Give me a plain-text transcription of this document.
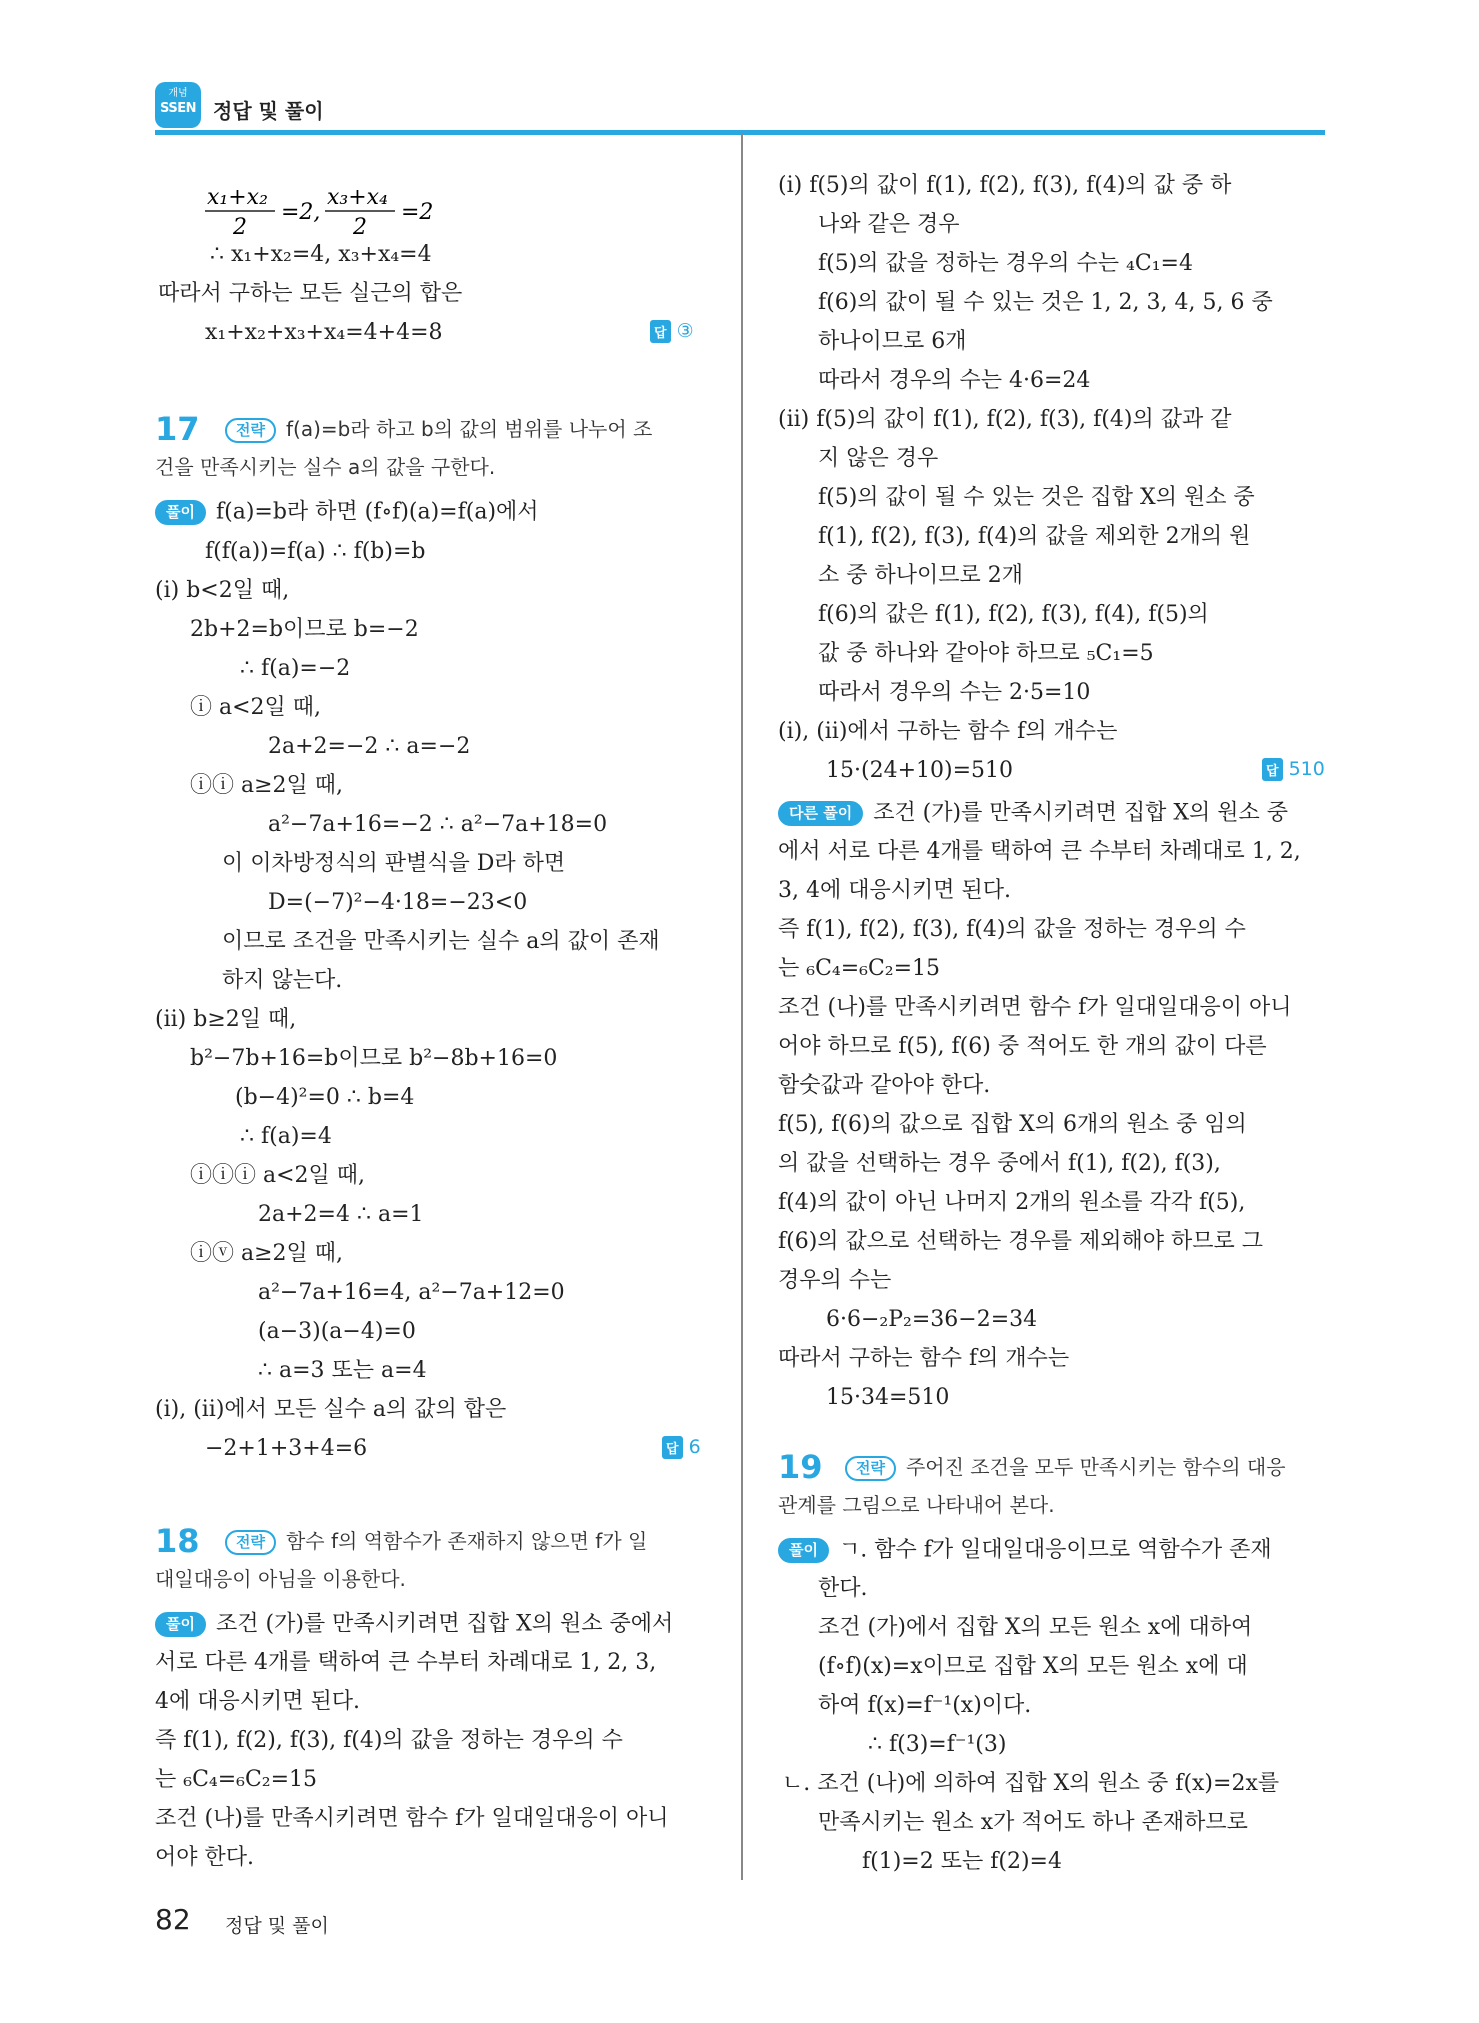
개념
SSEN 정답 및 풀이
x₁+x₂
2
=2,
x₃+x₄
2
=2
∴ x₁+x₂=4, x₃+x₄=4
따라서 구하는 모든 실근의 합은
x₁+x₂+x₃+x₄=4+4=8	답 ③
17	전략 f(a)=b라 하고 b의 값의 범위를 나누어 조
건을 만족시키는 실수 a의 값을 구한다.
풀이 f(a)=b라 하면 (f∘f)(a)=f(a)에서
f(f(a))=f(a) ∴ f(b)=b
(ⅰ) b<2일 때,
2b+2=b이므로 b=−2
∴ f(a)=−2
ⓘ a<2일 때,
2a+2=−2 ∴ a=−2
ⓘⓘ a≥2일 때,
a²−7a+16=−2 ∴ a²−7a+18=0
이 이차방정식의 판별식을 D라 하면
D=(−7)²−4·18=−23<0
이므로 조건을 만족시키는 실수 a의 값이 존재
하지 않는다.
(ⅱ) b≥2일 때,
b²−7b+16=b이므로 b²−8b+16=0
(b−4)²=0 ∴ b=4
∴ f(a)=4
ⓘⓘⓘ a<2일 때,
2a+2=4 ∴ a=1
ⓘⓥ a≥2일 때,
a²−7a+16=4, a²−7a+12=0
(a−3)(a−4)=0
∴ a=3 또는 a=4
(ⅰ), (ⅱ)에서 모든 실수 a의 값의 합은
−2+1+3+4=6	답 6
18	전략 함수 f의 역함수가 존재하지 않으면 f가 일
대일대응이 아님을 이용한다.
풀이 조건 (가)를 만족시키려면 집합 X의 원소 중에서
서로 다른 4개를 택하여 큰 수부터 차례대로 1, 2, 3,
4에 대응시키면 된다.
즉 f(1), f(2), f(3), f(4)의 값을 정하는 경우의 수
는 ₆C₄=₆C₂=15
조건 (나)를 만족시키려면 함수 f가 일대일대응이 아니
어야 한다.
(ⅰ) f(5)의 값이 f(1), f(2), f(3), f(4)의 값 중 하
나와 같은 경우
f(5)의 값을 정하는 경우의 수는 ₄C₁=4
f(6)의 값이 될 수 있는 것은 1, 2, 3, 4, 5, 6 중
하나이므로 6개
따라서 경우의 수는 4·6=24
(ⅱ) f(5)의 값이 f(1), f(2), f(3), f(4)의 값과 같
지 않은 경우
f(5)의 값이 될 수 있는 것은 집합 X의 원소 중
f(1), f(2), f(3), f(4)의 값을 제외한 2개의 원
소 중 하나이므로 2개
f(6)의 값은 f(1), f(2), f(3), f(4), f(5)의
값 중 하나와 같아야 하므로 ₅C₁=5
따라서 경우의 수는 2·5=10
(ⅰ), (ⅱ)에서 구하는 함수 f의 개수는
15·(24+10)=510	답 510
다른 풀이 조건 (가)를 만족시키려면 집합 X의 원소 중
에서 서로 다른 4개를 택하여 큰 수부터 차례대로 1, 2,
3, 4에 대응시키면 된다.
즉 f(1), f(2), f(3), f(4)의 값을 정하는 경우의 수
는 ₆C₄=₆C₂=15
조건 (나)를 만족시키려면 함수 f가 일대일대응이 아니
어야 하므로 f(5), f(6) 중 적어도 한 개의 값이 다른
함숫값과 같아야 한다.
f(5), f(6)의 값으로 집합 X의 6개의 원소 중 임의
의 값을 선택하는 경우 중에서 f(1), f(2), f(3),
f(4)의 값이 아닌 나머지 2개의 원소를 각각 f(5),
f(6)의 값으로 선택하는 경우를 제외해야 하므로 그
경우의 수는
6·6−₂P₂=36−2=34
따라서 구하는 함수 f의 개수는
15·34=510
19	전략 주어진 조건을 모두 만족시키는 함수의 대응
관계를 그림으로 나타내어 본다.
풀이 ㄱ. 함수 f가 일대일대응이므로 역함수가 존재
한다.
조건 (가)에서 집합 X의 모든 원소 x에 대하여
(f∘f)(x)=x이므로 집합 X의 모든 원소 x에 대
하여 f(x)=f⁻¹(x)이다.
∴ f(3)=f⁻¹(3)
ㄴ. 조건 (나)에 의하여 집합 X의 원소 중 f(x)=2x를
만족시키는 원소 x가 적어도 하나 존재하므로
f(1)=2 또는 f(2)=4
82 정답 및 풀이
